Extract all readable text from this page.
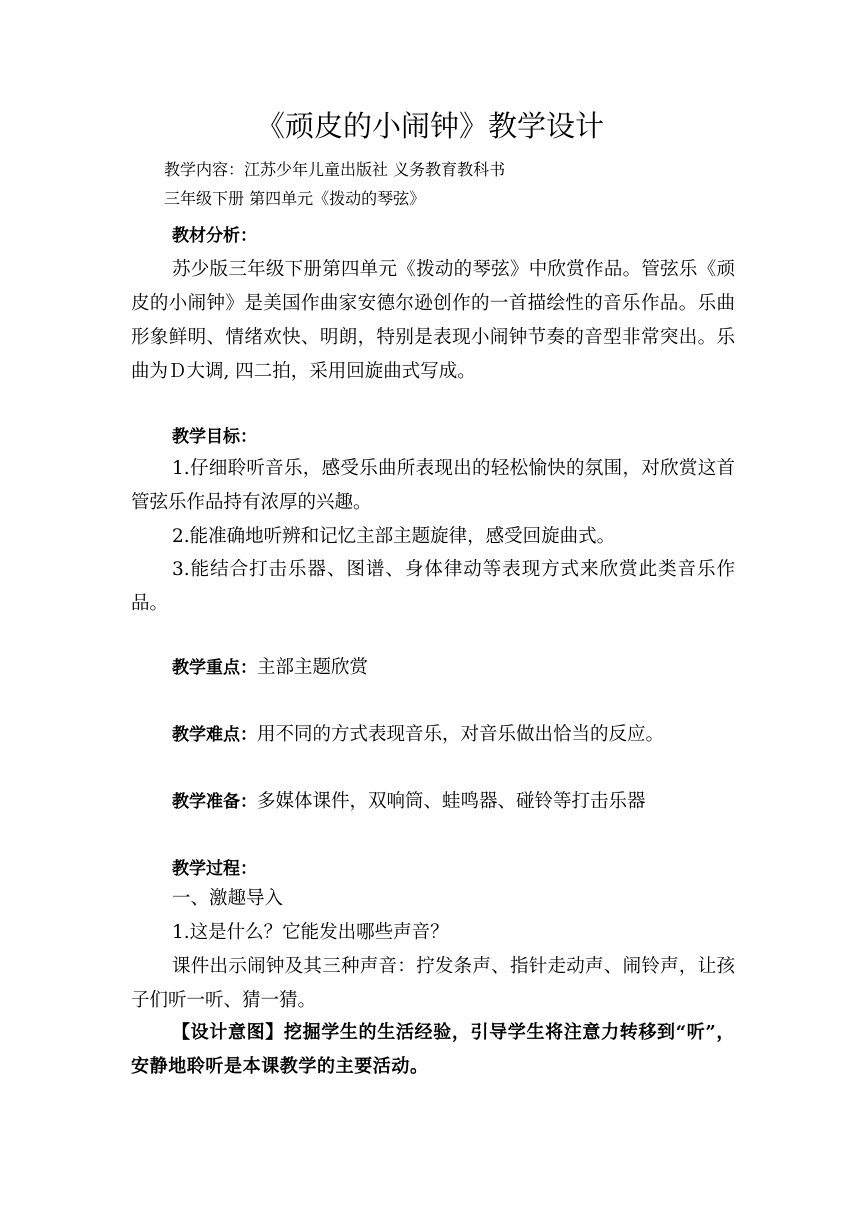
《顽皮的小闹钟》教学设计
教学内容：江苏少年儿童出版社 义务教育教科书
三年级下册 第四单元《拨动的琴弦》
教材分析：

苏少版三年级下册第四单元《拨动的琴弦》中欣赏作品。管弦乐《顽皮的小闹钟》是美国作曲家安德尔逊创作的一首描绘性的音乐作品。乐曲形象鲜明、情绪欢快、明朗，特别是表现小闹钟节奏的音型非常突出。乐曲为Ｄ大调, 四二拍，采用回旋曲式写成。

教学目标：

1.仔细聆听音乐，感受乐曲所表现出的轻松愉快的氛围，对欣赏这首管弦乐作品持有浓厚的兴趣。

2.能准确地听辨和记忆主部主题旋律，感受回旋曲式。

3.能结合打击乐器、图谱、身体律动等表现方式来欣赏此类音乐作品。

教学重点：主部主题欣赏
教学难点：用不同的方式表现音乐，对音乐做出恰当的反应。
教学准备：多媒体课件，双响筒、蛙鸣器、碰铃等打击乐器
教学过程：
一、激趣导入
1.这是什么？它能发出哪些声音？

课件出示闹钟及其三种声音：拧发条声、指针走动声、闹铃声，让孩子们听一听、猜一猜。

【设计意图】挖掘学生的生活经验，引导学生将注意力转移到“听”，安静地聆听是本课教学的主要活动。
